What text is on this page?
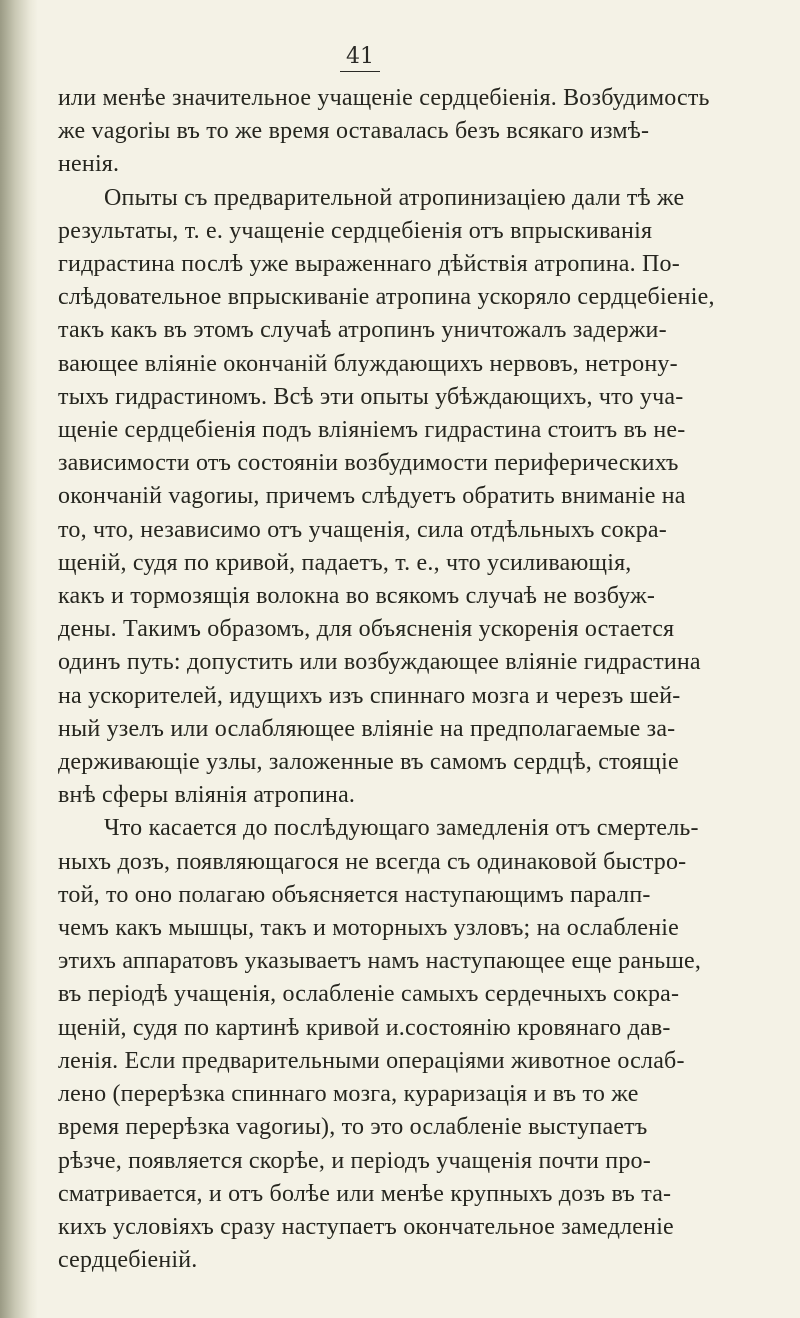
41
или менѣе значительное учащеніе сердцебіенія. Возбудимость
же vagoriы въ то же время оставалась безъ всякаго измѣ-
ненія.
Опыты съ предварительной атропинизаціею дали тѣ же
результаты, т. е. учащеніе сердцебіенія отъ впрыскиванія
гидрастина послѣ уже выраженнаго дѣйствія атропина. По-
слѣдовательное впрыскиваніе атропина ускоряло сердцебіеніе,
такъ какъ въ этомъ случаѣ атропинъ уничтожалъ задержи-
вающее вліяніе окончаній блуждающихъ нервовъ, нетрону-
тыхъ гидрастиномъ. Всѣ эти опыты убѣждающихъ, что уча-
щеніе сердцебіенія подъ вліяніемъ гидрастина стоитъ въ не-
зависимости отъ состояніи возбудимости периферическихъ
окончаній vagorиы, причемъ слѣдуетъ обратить вниманіе на
то, что, независимо отъ учащенія, сила отдѣльныхъ сокра-
щеній, судя по кривой, падаетъ, т. е., что усиливающія,
какъ и тормозящія волокна во всякомъ случаѣ не возбуж-
дены. Такимъ образомъ, для объясненія ускоренія остается
одинъ путь: допустить или возбуждающее вліяніе гидрастина
на ускорителей, идущихъ изъ спиннаго мозга и черезъ шей-
ный узелъ или ослабляющее вліяніе на предполагаемые за-
держивающіе узлы, заложенные въ самомъ сердцѣ, стоящіе
внѣ сферы вліянія атропина.
Что касается до послѣдующаго замедленія отъ смертель-
ныхъ дозъ, появляющагося не всегда съ одинаковой быстро-
той, то оно полагаю объясняется наступающимъ паралп-
чемъ какъ мышцы, такъ и моторныхъ узловъ; на ослабленіе
этихъ аппаратовъ указываетъ намъ наступающее еще раньше,
въ періодѣ учащенія, ослабленіе самыхъ сердечныхъ сокра-
щеній, судя по картинѣ кривой и.состоянію кровянаго дав-
ленія. Если предварительными операціями животное ослаб-
лено (перерѣзка спиннаго мозга, кураризація и въ то же
время перерѣзка vagorиы), то это ослабленіе выступаетъ
рѣзче, появляется скорѣе, и періодъ учащенія почти про-
сматривается, и отъ болѣе или менѣе крупныхъ дозъ въ та-
кихъ условіяхъ сразу наступаетъ окончательное замедленіе
сердцебіеній.
